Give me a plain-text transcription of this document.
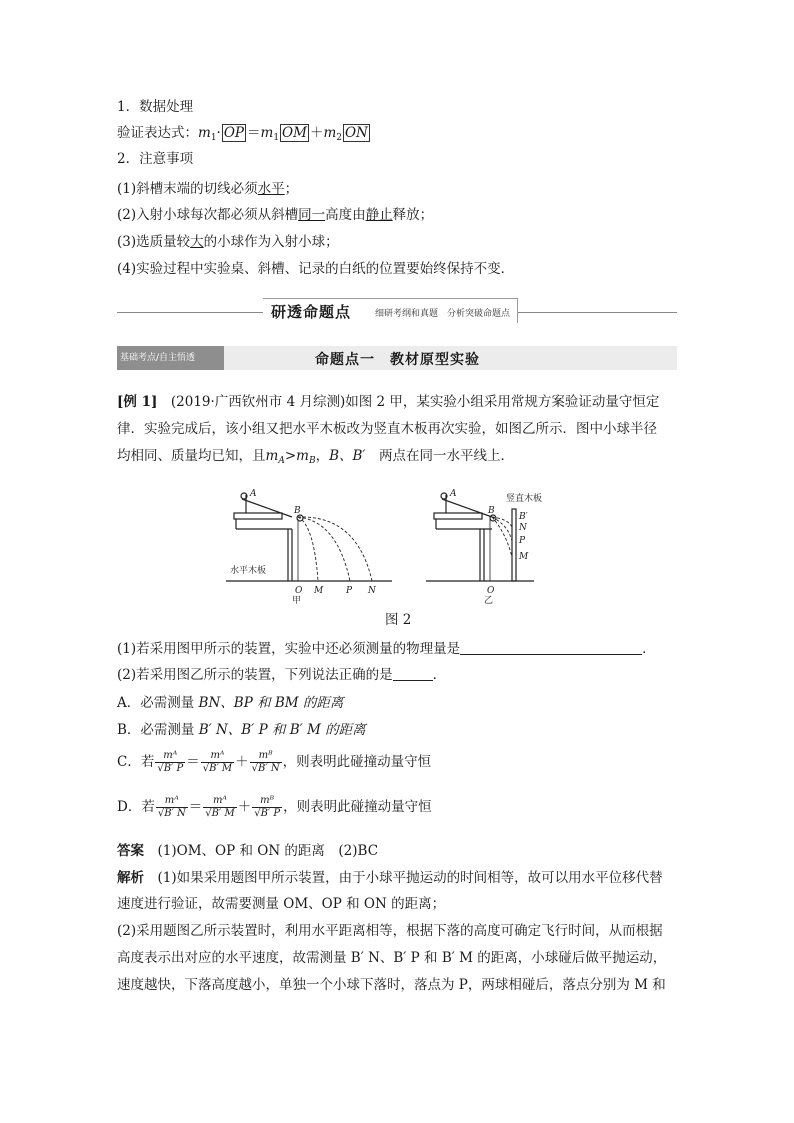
1．数据处理
验证表达式：$m_1\cdot$ OP $=m_1$ OM $+m_2$ ON
2．注意事项
(1)斜槽末端的切线必须水平；
(2)入射小球每次都必须从斜槽同一高度由静止释放；
(3)选质量较大的小球作为入射小球；
(4)实验过程中实验桌、斜槽、记录的白纸的位置要始终保持不变．
研透命题点	细研考纲和真题　分析突破命题点
基础考点/自主悟透	命题点一　教材原型实验
[例 1]　(2019·广西钦州市 4 月综测)如图 2 甲，某实验小组采用常规方案验证动量守恒定
律．实验完成后，该小组又把水平木板改为竖直木板再次实验，如图乙所示．图中小球半径
均相同、质量均已知，且$m_A>m_B$，B、B′　两点在同一水平线上．
A
B
O M	P N
A
B
O
B′
N
P
M
水平木板
竖直木板
甲	乙
图 2
(1)若采用图甲所示的装置，实验中还必须测量的物理量是	．
(2)若采用图乙所示的装置，下列说法正确的是	．
A．必需测量 BN、BP 和 BM 的距离
B．必需测量 B′ N、B′ P 和 B′ M 的距离
C．若 $\frac{\text{mᴬ}}{√B' P} = \frac{\text{mᴬ}}{√B' M} + \frac{\text{mᴮ}}{√B' N}$ ，则表明此碰撞动量守恒
D．若 $\frac{\text{mᴬ}}{√B' N} = \frac{\text{mᴬ}}{√B' M} + \frac{\text{mᴮ}}{√B' P}$ ，则表明此碰撞动量守恒
答案　(1)OM、OP 和 ON 的距离　(2)BC
解析　(1)如果采用题图甲所示装置，由于小球平抛运动的时间相等，故可以用水平位移代替
速度进行验证，故需要测量 OM、OP 和 ON 的距离；
(2)采用题图乙所示装置时，利用水平距离相等，根据下落的高度可确定飞行时间，从而根据
高度表示出对应的水平速度，故需测量 B′ N、B′ P 和 B′ M 的距离，小球碰后做平抛运动，
速度越快，下落高度越小，单独一个小球下落时，落点为 P，两球相碰后，落点分别为 M 和
